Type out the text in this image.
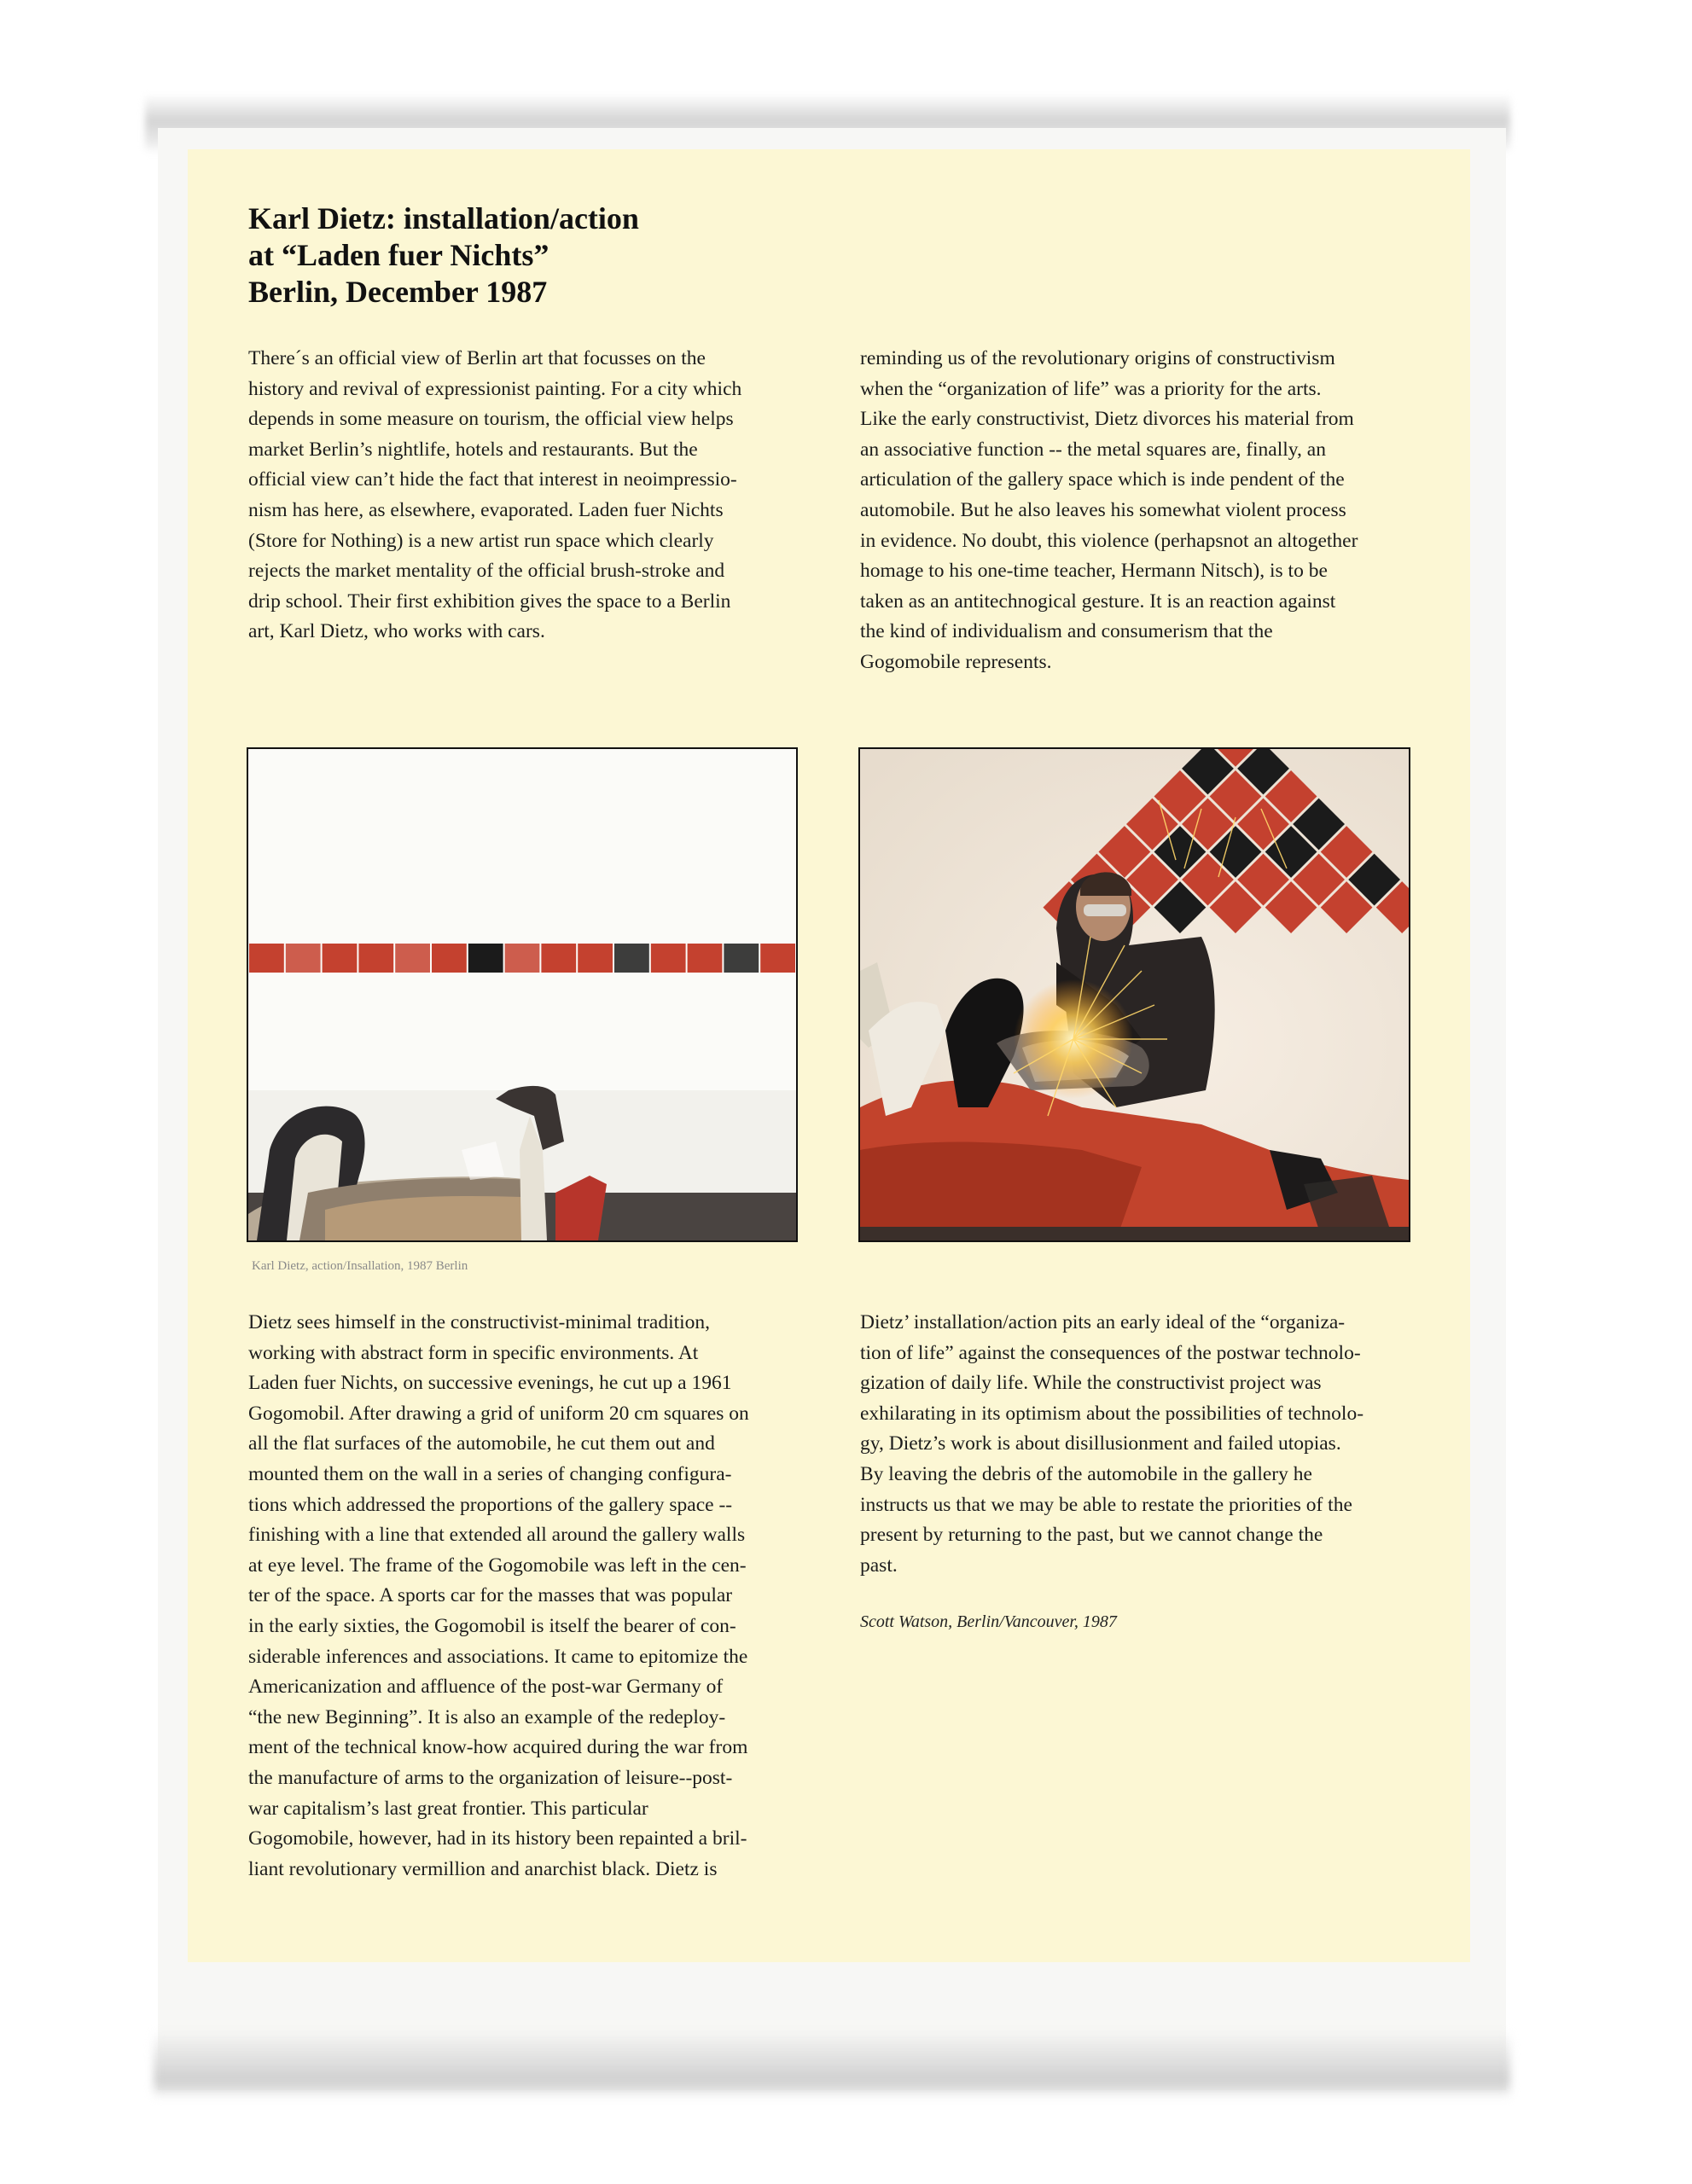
Karl Dietz: installation/action
at “Laden fuer Nichts”
Berlin, December 1987
There´s an official view of Berlin art that focusses on the
history and revival of expressionist painting. For a city which
depends in some measure on tourism, the official view helps
market Berlin’s nightlife, hotels and restaurants. But the
official view can’t hide the fact that interest in neoimpressio-
nism has here, as elsewhere, evaporated. Laden fuer Nichts
(Store for Nothing) is a new artist run space which clearly
rejects the market mentality of the official brush-stroke and
drip school. Their first exhibition gives the space to a Berlin
art, Karl Dietz, who works with cars.
reminding us of the revolutionary origins of constructivism
when the “organization of life” was a priority for the arts.
Like the early constructivist, Dietz divorces his material from
an associative function -- the metal squares are, finally, an
articulation of the gallery space which is inde pendent of the
automobile. But he also leaves his somewhat violent process
in evidence. No doubt, this violence (perhapsnot an altogether
homage to his one-time teacher, Hermann Nitsch), is to be
taken as an antitechnogical gesture. It is an reaction against
the kind of individualism and consumerism that the
Gogomobile represents.
Karl Dietz, action/Insallation, 1987 Berlin
Dietz sees himself in the constructivist-minimal tradition,
working with abstract form in specific environments. At
Laden fuer Nichts, on successive evenings, he cut up a 1961
Gogomobil. After drawing a grid of uniform 20 cm squares on
all the flat surfaces of the automobile, he cut them out and
mounted them on the wall in a series of changing configura-
tions which addressed the proportions of the gallery space --
finishing with a line that extended all around the gallery walls
at eye level. The frame of the Gogomobile was left in the cen-
ter of the space. A sports car for the masses that was popular
in the early sixties, the Gogomobil is itself the bearer of con-
siderable inferences and associations. It came to epitomize the
Americanization and affluence of the post-war Germany of
“the new Beginning”. It is also an example of the redeploy-
ment of the technical know-how acquired during the war from
the manufacture of arms to the organization of leisure--post-
war capitalism’s last great frontier. This particular
Gogomobile, however, had in its history been repainted a bril-
liant revolutionary vermillion and anarchist black. Dietz is
Dietz’ installation/action pits an early ideal of the “organiza-
tion of life” against the consequences of the postwar technolo-
gization of daily life. While the constructivist project was
exhilarating in its optimism about the possibilities of technolo-
gy, Dietz’s work is about disillusionment and failed utopias.
By leaving the debris of the automobile in the gallery he
instructs us that we may be able to restate the priorities of the
present by returning to the past, but we cannot change the
past.
Scott Watson, Berlin/Vancouver, 1987
